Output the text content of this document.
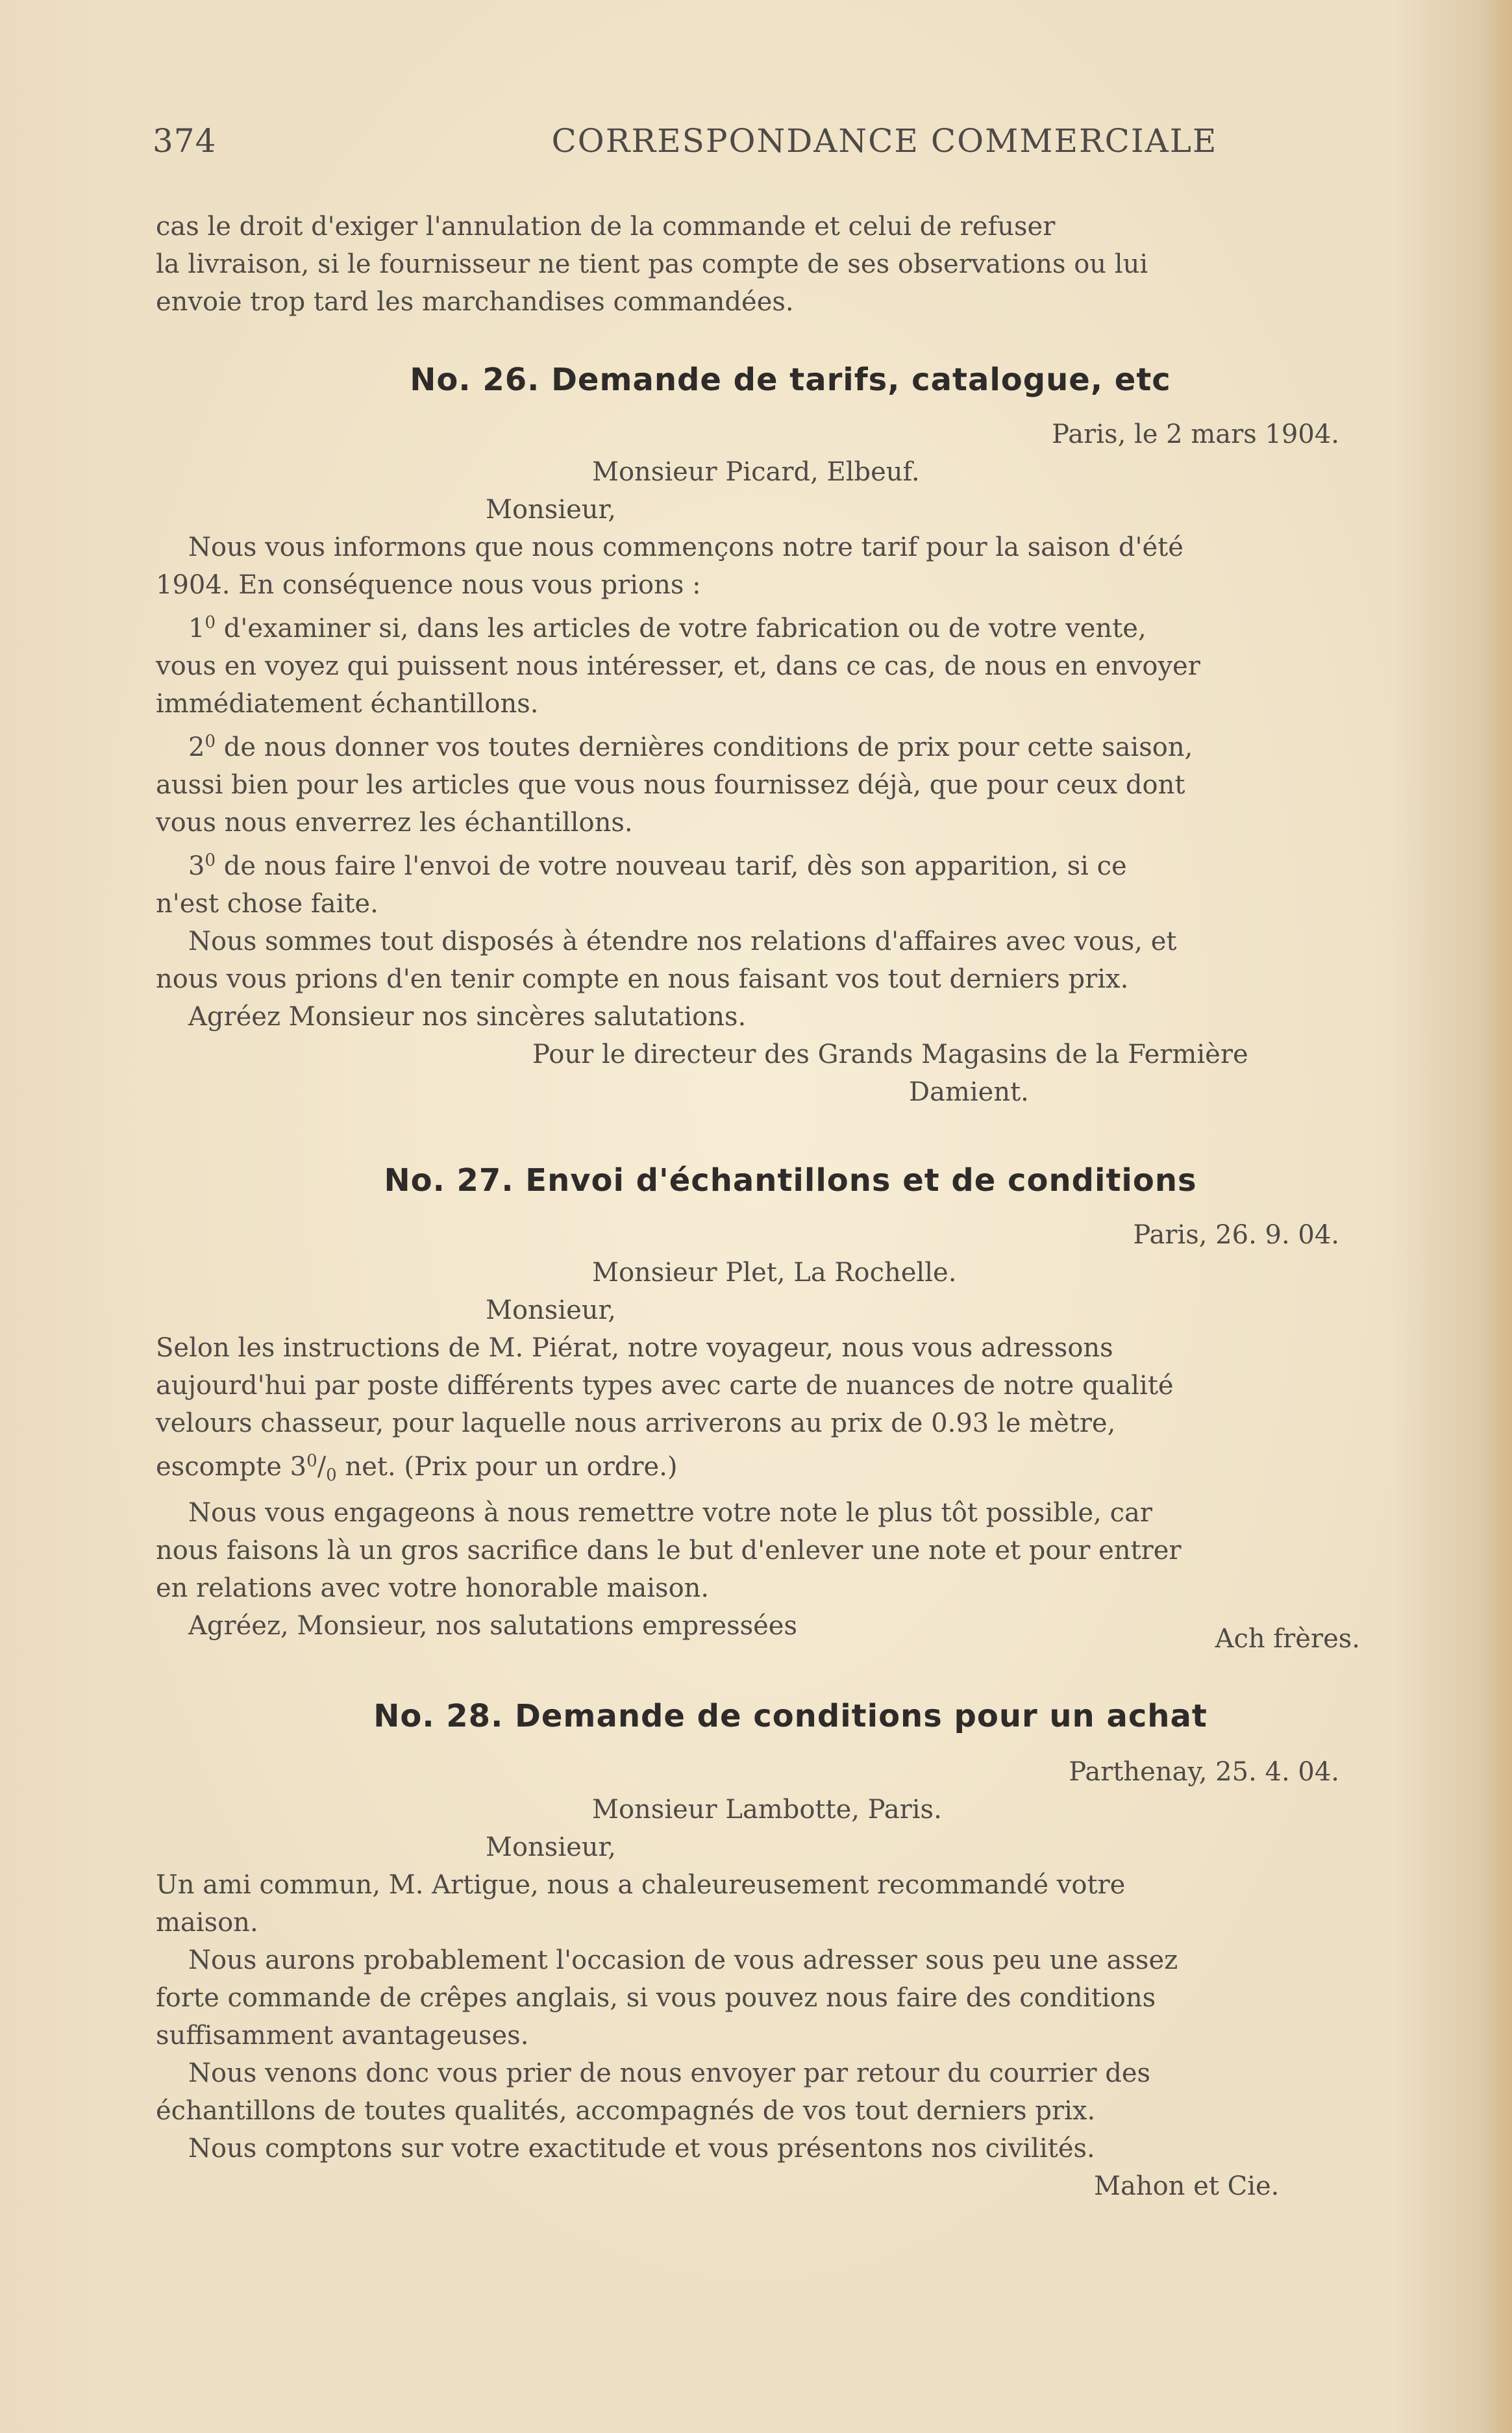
374	CORRESPONDANCE COMMERCIALE
cas le droit d'exiger l'annulation de la commande et celui de refuser
la livraison, si le fournisseur ne tient pas compte de ses observations ou lui
envoie trop tard les marchandises commandées.
No. 26. Demande de tarifs, catalogue, etc
Paris, le 2 mars 1904.
Monsieur Picard, Elbeuf.
Monsieur,
Nous vous informons que nous commençons notre tarif pour la saison d'été
1904. En conséquence nous vous prions :
$1^0$ d'examiner si, dans les articles de votre fabrication ou de votre vente,
vous en voyez qui puissent nous intéresser, et, dans ce cas, de nous en envoyer
immédiatement échantillons.
$2^0$ de nous donner vos toutes dernières conditions de prix pour cette saison,
aussi bien pour les articles que vous nous fournissez déjà, que pour ceux dont
vous nous enverrez les échantillons.
$3^0$ de nous faire l'envoi de votre nouveau tarif, dès son apparition, si ce
n'est chose faite.
Nous sommes tout disposés à étendre nos relations d'affaires avec vous, et
nous vous prions d'en tenir compte en nous faisant vos tout derniers prix.
Agréez Monsieur nos sincères salutations.
Pour le directeur des Grands Magasins de la Fermière
Damient.
No. 27. Envoi d'échantillons et de conditions
Paris, 26. 9. 04.
Monsieur Plet, La Rochelle.
Monsieur,
Selon les instructions de M. Piérat, notre voyageur, nous vous adressons
aujourd'hui par poste différents types avec carte de nuances de notre qualité
velours chasseur, pour laquelle nous arriverons au prix de 0.93 le mètre,
escompte $3^0/_0$ net. (Prix pour un ordre.)
Nous vous engageons à nous remettre votre note le plus tôt possible, car
nous faisons là un gros sacrifice dans le but d'enlever une note et pour entrer
en relations avec votre honorable maison.
Agréez, Monsieur, nos salutations empressées	Ach frères.
No. 28. Demande de conditions pour un achat
Parthenay, 25. 4. 04.
Monsieur Lambotte, Paris.
Monsieur,
Un ami commun, M. Artigue, nous a chaleureusement recommandé votre
maison.
Nous aurons probablement l'occasion de vous adresser sous peu une assez
forte commande de crêpes anglais, si vous pouvez nous faire des conditions
suffisamment avantageuses.
Nous venons donc vous prier de nous envoyer par retour du courrier des
échantillons de toutes qualités, accompagnés de vos tout derniers prix.
Nous comptons sur votre exactitude et vous présentons nos civilités.
Mahon et Cie.
